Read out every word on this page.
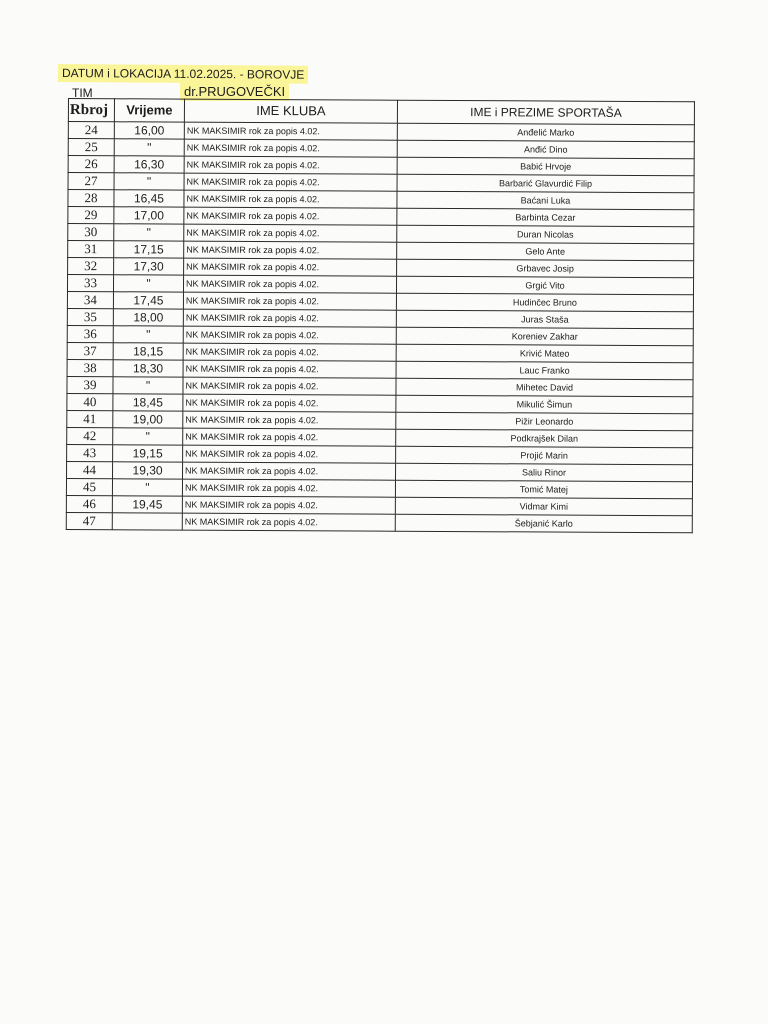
DATUM i LOKACIJA 11.02.2025. - BOROVJE
TIM	dr.PRUGOVEČKI
Rbroj	Vrijeme	IME KLUBA	IME i PREZIME SPORTAŠA
24	16,00	NK MAKSIMIR rok za popis 4.02.	Anđelić Marko
25	"	NK MAKSIMIR rok za popis 4.02.	Anđić Dino
26	16,30	NK MAKSIMIR rok za popis 4.02.	Babić Hrvoje
27	"	NK MAKSIMIR rok za popis 4.02.	Barbarić Glavurdić Filip
28	16,45	NK MAKSIMIR rok za popis 4.02.	Baćani Luka
29	17,00	NK MAKSIMIR rok za popis 4.02.	Barbinta Cezar
30	"	NK MAKSIMIR rok za popis 4.02.	Duran Nicolas
31	17,15	NK MAKSIMIR rok za popis 4.02.	Gelo Ante
32	17,30	NK MAKSIMIR rok za popis 4.02.	Grbavec Josip
33	"	NK MAKSIMIR rok za popis 4.02.	Grgić Vito
34	17,45	NK MAKSIMIR rok za popis 4.02.	Hudinčec Bruno
35	18,00	NK MAKSIMIR rok za popis 4.02.	Juras Staša
36	"	NK MAKSIMIR rok za popis 4.02.	Koreniev Zakhar
37	18,15	NK MAKSIMIR rok za popis 4.02.	Krivić Mateo
38	18,30	NK MAKSIMIR rok za popis 4.02.	Lauc Franko
39	"	NK MAKSIMIR rok za popis 4.02.	Mihetec David
40	18,45	NK MAKSIMIR rok za popis 4.02.	Mikulić Šimun
41	19,00	NK MAKSIMIR rok za popis 4.02.	Pižir Leonardo
42	"	NK MAKSIMIR rok za popis 4.02.	Podkrajšek Dilan
43	19,15	NK MAKSIMIR rok za popis 4.02.	Projić Marin
44	19,30	NK MAKSIMIR rok za popis 4.02.	Saliu Rinor
45	"	NK MAKSIMIR rok za popis 4.02.	Tomić Matej
46	19,45	NK MAKSIMIR rok za popis 4.02.	Vidmar Kimi
47		NK MAKSIMIR rok za popis 4.02.	Šebjanić Karlo
